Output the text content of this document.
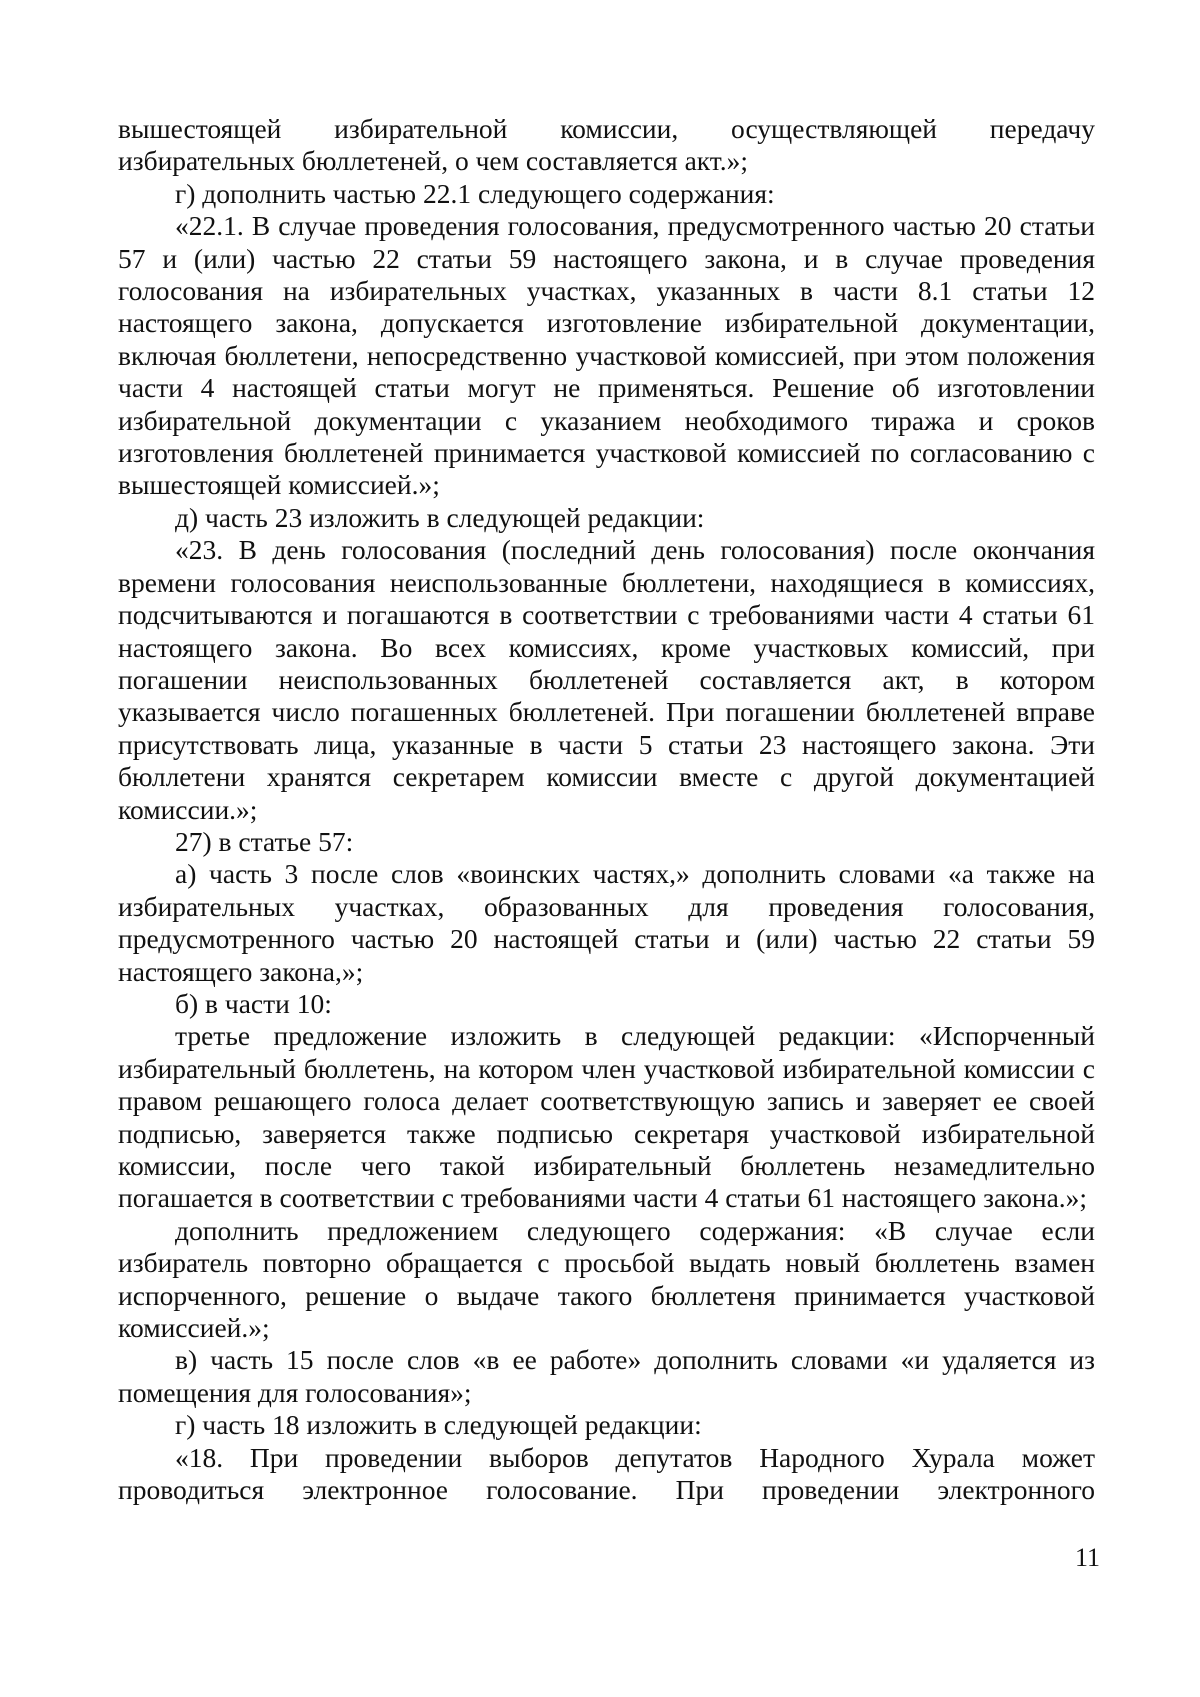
вышестоящей избирательной комиссии, осуществляющей передачу избирательных бюллетеней, о чем составляется акт.»;

г) дополнить частью 22.1 следующего содержания:

«22.1. В случае проведения голосования, предусмотренного частью 20 статьи 57 и (или) частью 22 статьи 59 настоящего закона, и в случае проведения голосования на избирательных участках, указанных в части 8.1 статьи 12 настоящего закона, допускается изготовление избирательной документации, включая бюллетени, непосредственно участковой комиссией, при этом положения части 4 настоящей статьи могут не применяться. Решение об изготовлении избирательной документации с указанием необходимого тиража и сроков изготовления бюллетеней принимается участковой комиссией по согласованию с вышестоящей комиссией.»;

д) часть 23 изложить в следующей редакции:

«23. В день голосования (последний день голосования) после окончания времени голосования неиспользованные бюллетени, находящиеся в комиссиях, подсчитываются и погашаются в соответствии с требованиями части 4 статьи 61 настоящего закона. Во всех комиссиях, кроме участковых комиссий, при погашении неиспользованных бюллетеней составляется акт, в котором указывается число погашенных бюллетеней. При погашении бюллетеней вправе присутствовать лица, указанные в части 5 статьи 23 настоящего закона. Эти бюллетени хранятся секретарем комиссии вместе с другой документацией комиссии.»;

27) в статье 57:

а) часть 3 после слов «воинских частях,» дополнить словами «а также на избирательных участках, образованных для проведения голосования, предусмотренного частью 20 настоящей статьи и (или) частью 22 статьи 59 настоящего закона,»;

б) в части 10:

третье предложение изложить в следующей редакции: «Испорченный избирательный бюллетень, на котором член участковой избирательной комиссии с правом решающего голоса делает соответствующую запись и заверяет ее своей подписью, заверяется также подписью секретаря участковой избирательной комиссии, после чего такой избирательный бюллетень незамедлительно погашается в соответствии с требованиями части 4 статьи 61 настоящего закона.»;

дополнить предложением следующего содержания: «В случае если избиратель повторно обращается с просьбой выдать новый бюллетень взамен испорченного, решение о выдаче такого бюллетеня принимается участковой комиссией.»;

в) часть 15 после слов «в ее работе» дополнить словами «и удаляется из помещения для голосования»;

г) часть 18 изложить в следующей редакции:

«18. При проведении выборов депутатов Народного Хурала может проводиться электронное голосование. При проведении электронного

11
